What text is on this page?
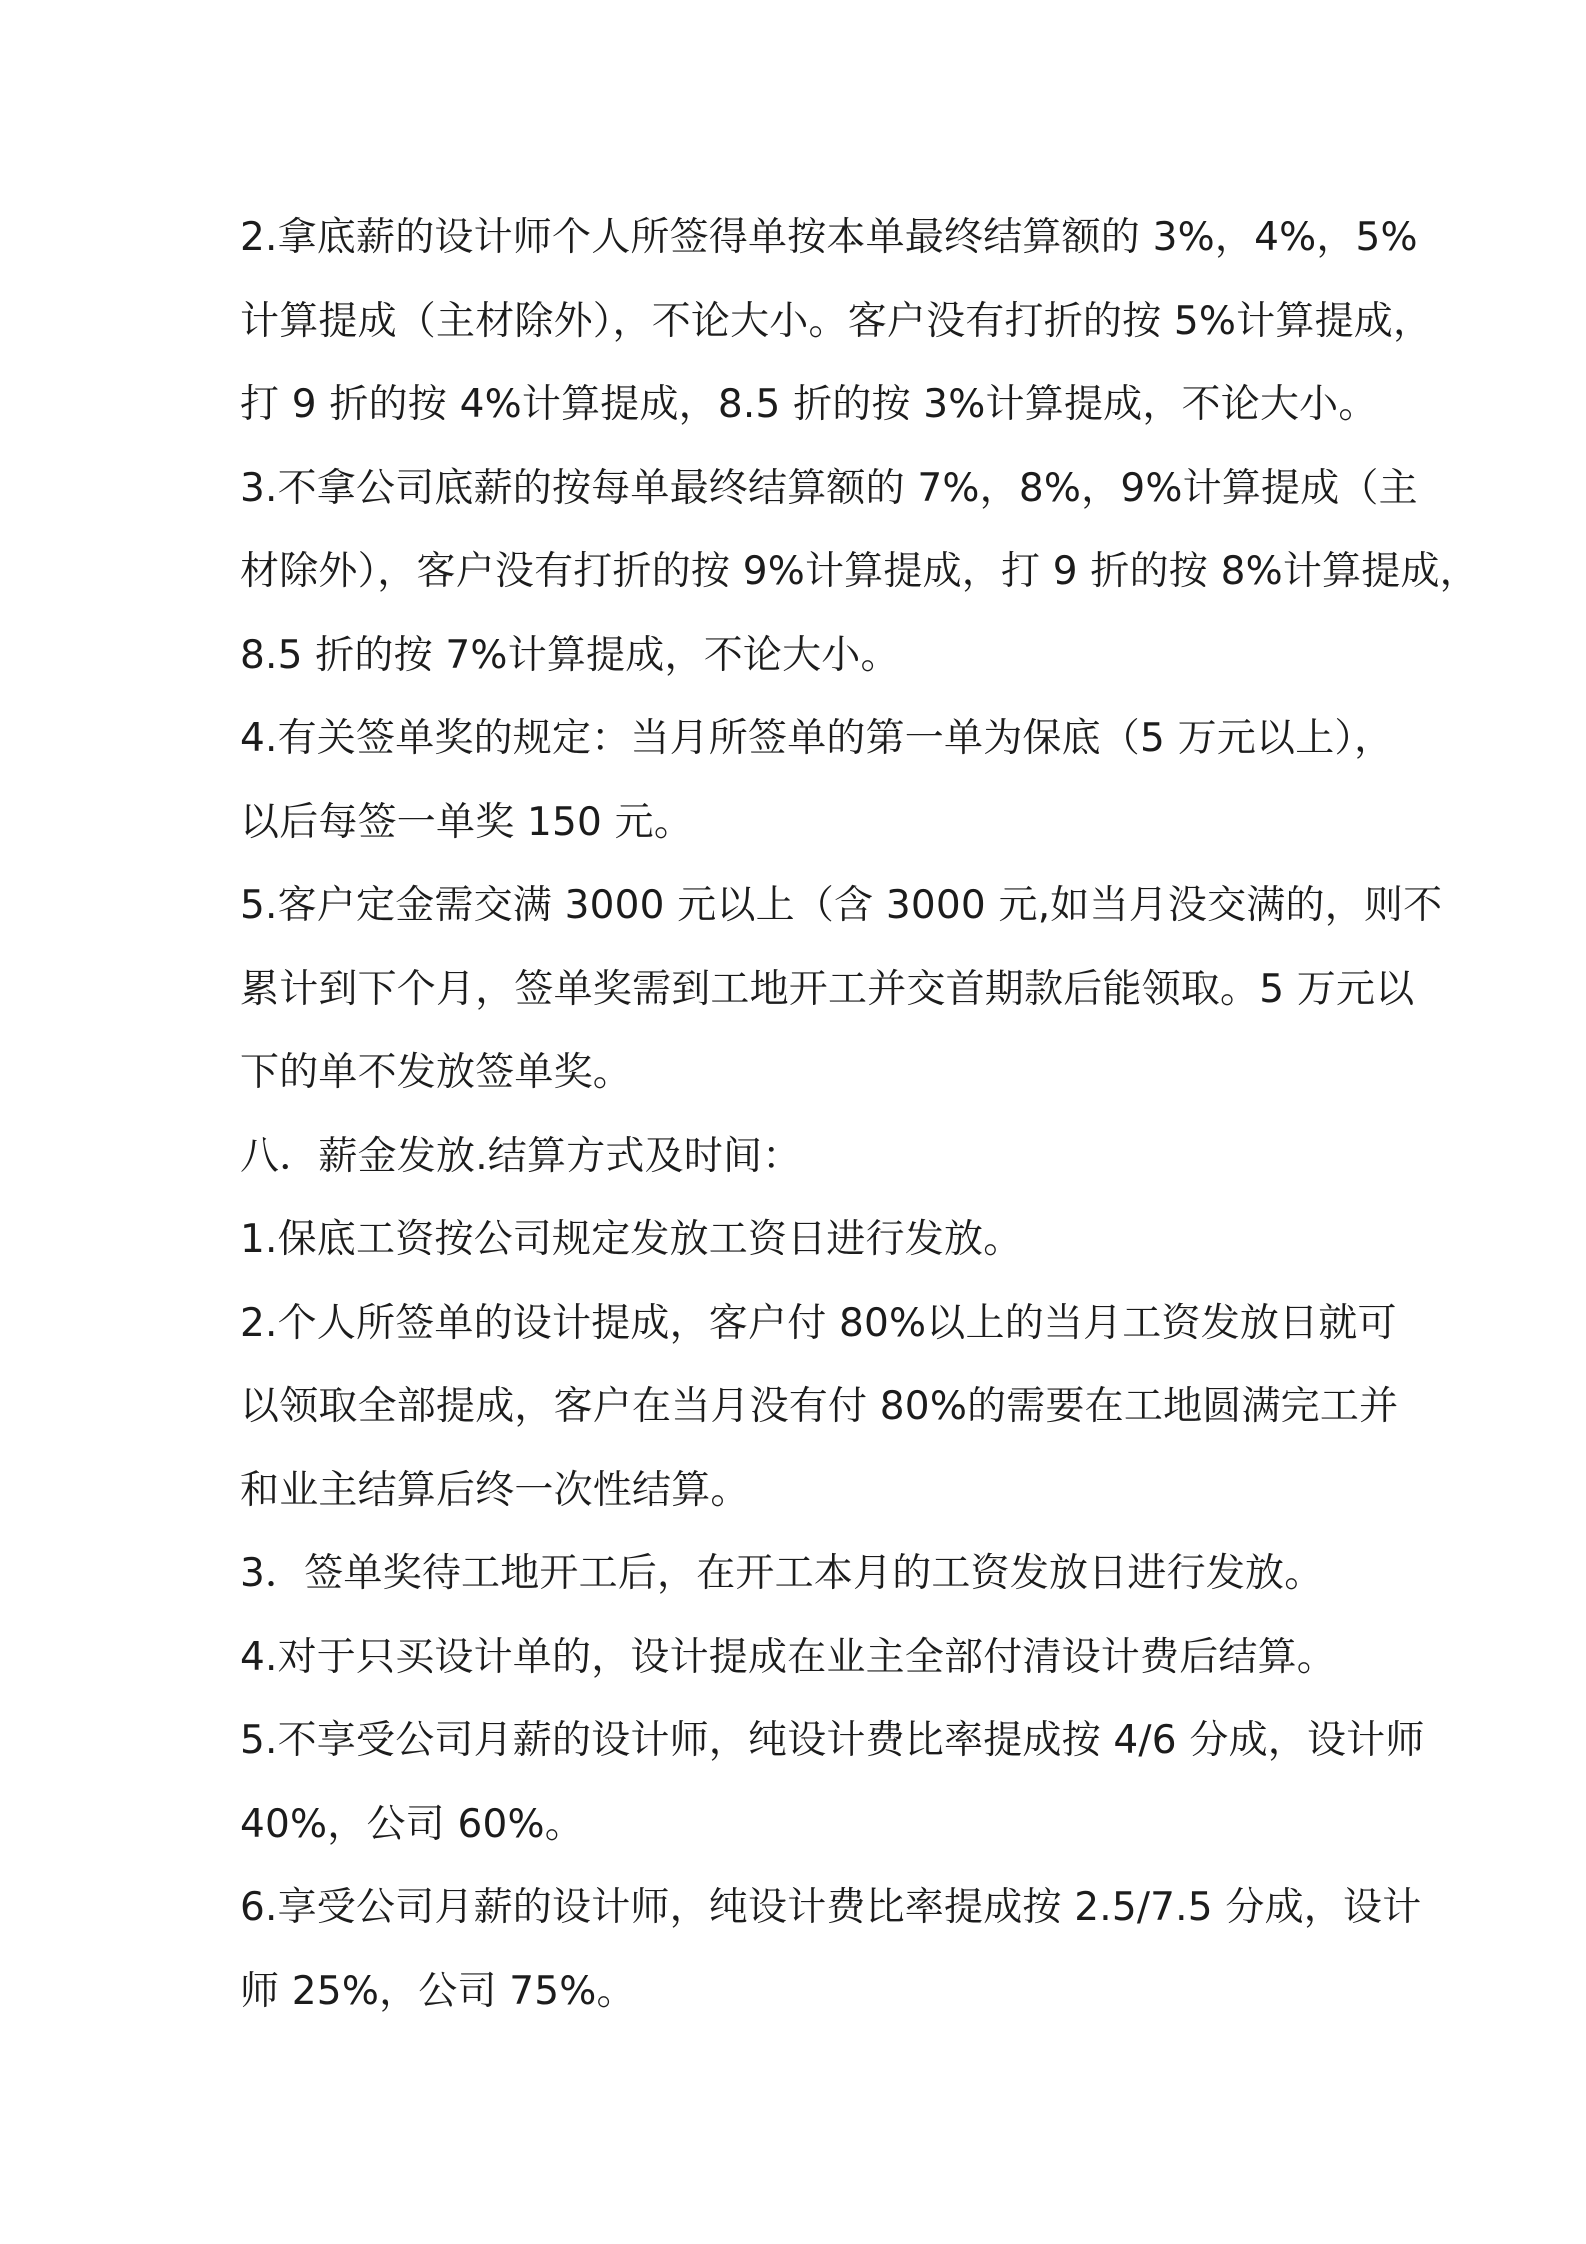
2.拿底薪的设计师个人所签得单按本单最终结算额的 3%，4%，5%
计算提成（主材除外），不论大小。客户没有打折的按 5%计算提成，
打 9 折的按 4%计算提成，8.5 折的按 3%计算提成，不论大小。
3.不拿公司底薪的按每单最终结算额的 7%，8%，9%计算提成（主
材除外），客户没有打折的按 9%计算提成，打 9 折的按 8%计算提成，
8.5 折的按 7%计算提成，不论大小。
4.有关签单奖的规定：当月所签单的第一单为保底（5 万元以上），
以后每签一单奖 150 元。
5.客户定金需交满 3000 元以上（含 3000 元,如当月没交满的，则不
累计到下个月，签单奖需到工地开工并交首期款后能领取。5 万元以
下的单不发放签单奖。
八．薪金发放.结算方式及时间：
1.保底工资按公司规定发放工资日进行发放。
2.个人所签单的设计提成，客户付 80%以上的当月工资发放日就可
以领取全部提成，客户在当月没有付 80%的需要在工地圆满完工并
和业主结算后终一次性结算。
3．签单奖待工地开工后，在开工本月的工资发放日进行发放。
4.对于只买设计单的，设计提成在业主全部付清设计费后结算。
5.不享受公司月薪的设计师，纯设计费比率提成按 4/6 分成，设计师
40%，公司 60%。
6.享受公司月薪的设计师，纯设计费比率提成按 2.5/7.5 分成，设计
师 25%，公司 75%。
